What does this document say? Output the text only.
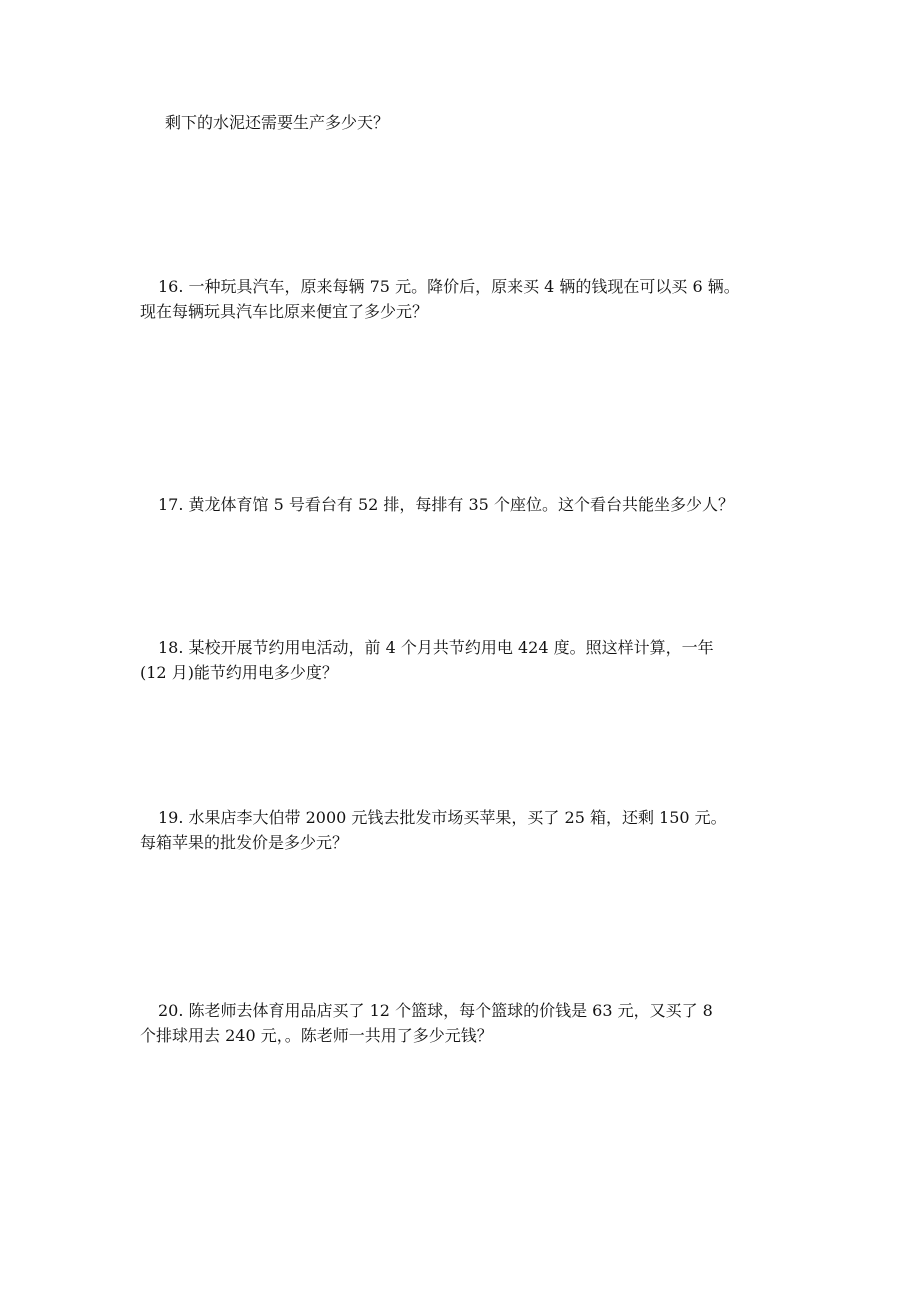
剩下的水泥还需要生产多少天？
16. 一种玩具汽车，原来每辆 75 元。降价后，原来买 4 辆的钱现在可以买 6 辆。
现在每辆玩具汽车比原来便宜了多少元？
17. 黄龙体育馆 5 号看台有 52 排，每排有 35 个座位。这个看台共能坐多少人？
18. 某校开展节约用电活动，前 4 个月共节约用电 424 度。照这样计算，一年
(12 月)能节约用电多少度？
19. 水果店李大伯带 2000 元钱去批发市场买苹果，买了 25 箱，还剩 150 元。
每箱苹果的批发价是多少元？
20. 陈老师去体育用品店买了 12 个篮球，每个篮球的价钱是 63 元，又买了 8
个排球用去 240 元，。陈老师一共用了多少元钱？
